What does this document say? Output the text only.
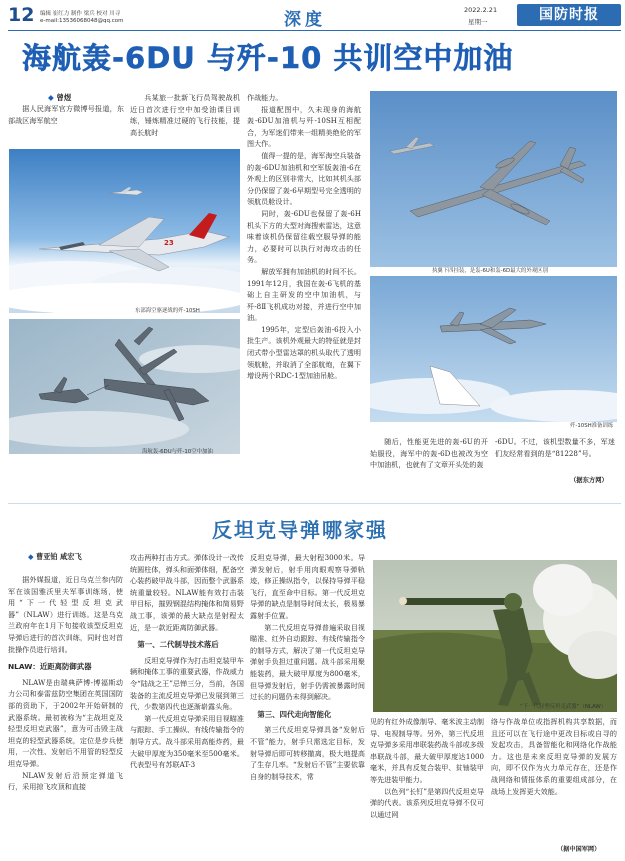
12 编辑 崔红力 制作 梁兵 校对 川寻
e-mail:13536068048@qq.com	深度	2022.2.21
星期一	国防时报
海航轰-6DU 与歼-10 共训空中加油
◆ 曾煜

据人民海军官方微博号报道，东部战区海军航空

兵某旅一批新飞行员驾驶战机近日首次进行空中加受油课目训练，锤炼精准过硬的飞行技能，提高长航时

23
人民海军
东部海空驱逐战的歼-10SH
海航轰-6DU与歼-10空中加油

作战能力。

报道配图中，久未现身的海航轰-6DU加油机与歼-10SH互相配合，为军迷们带来一组精美绝伦的军图大作。

值得一提的是，海军海空兵装备的轰-6DU加油机和空军版轰油-6在外观上的区别非常大，比如其机头部分仍保留了轰-6早期型号完全透明的领航员舱设计。

同时，轰-6DU也保留了轰-6H机头下方的大型对海搜索雷达，这意味着该机仍保留往载空服导弹的能力，必要时可以执行对海攻击的任务。

解放军拥有加油机的时间不长。1991年12月，我国在轰-6飞机的基础上自主研发的空中加油机，与歼-8Ⅱ飞机成功对接，并进行空中加油。

1995年，定型后轰油-6投入小批生产。该机外观最大的特征就是封闭式带小型雷达罩的机头取代了透明领航舱，并取消了全部航炮，在翼下增设两个RDC-1型加油吊舱。

执翼下四挂装，是轰-6U和轰-6D最大的外观区别
歼-10SH准备训练

随后，性能更先进的轰-6U的开始服役，海军中的轰-6D也被改为空中加油机，也就有了文章开头处的轰

-6DU。不过，该机型数量不多，军迷们友经常看到的是“81228”号。

（据东方网）
反坦克导弹哪家强
◆ 曹亚铂 咸宏飞

据外媒报道，近日乌克兰参内防军在该国雅沃里夫军事训练场，使用“下一代轻型反坦克武器”（NLAW）进行训练。这是乌克兰政府年在1月下旬接收该型反坦克导弹后进行的首次训练，同时也对首批操作员进行培训。

NLAW：近距离防御武器

NLAW是由瑞典萨博-博福斯动力公司和泰雷兹防空集团在英国国防部的资助下，于2002年开始研制的武器系统。最初被称为“主战坦克及轻型反坦克武器”，意为可击毁主战坦克的轻型武器系统，定位是步兵使用，一次性、发射后不用管的轻型反坦克导弹。

NLAW发射后沿预定弹道飞行，采用掠飞攻顶和直接

攻击两种打击方式。弹体设计一改传统圆柱体，弹头和面弹体细，配备空心装药破甲战斗部，因而整个武器系统重量较轻。NLAW能有效打击装甲目标，摧毁钢混结构掩体和简易野战工事，该弹的最大缺点是射程太近，是一款近距离防御武器。

第一、二代制导技术落后

反坦克导弹作为打击坦克装甲车辆和掩体工事的重要武器，作战威力令“陆战之王”忌惮三分，当前，各国装备的主流反坦克导弹已发展到第三代，少数第四代也逐渐崭露头角。

第一代反坦克导弹采用目视瞄准与跟踪、手工操纵、有线传输指令的制导方式。战斗部采用高能炸药，最大破甲厚度为350毫米至500毫米。代表型号有苏联AT-3

反坦克导弹，最大射程3000米。导弹发射后，射手用肉眼观察导弹轨迹，修正操纵指令，以保持导弹平稳飞行，直至命中目标。第一代反坦克导弹的缺点是制导时间太长，极易暴露射手位置。

第二代反坦克导弹普遍采取目视瞄准、红外自动跟踪、有线传输指令的制导方式，解决了第一代反坦克导弹射手负担过重问题。战斗部采用聚能装药，最大破甲厚度为800毫米，但导弹发射后，射手仍需被暴露时间过长的问题仍未得到解决。

第三、四代走向智能化

第三代反坦克导弹具备“发射后不管”能力，射手只需选定目标，发射导弹后即可转移撤离，极大地提高了生存几率。“发射后不管”主要依靠自身的制导技术，常

“下一代轻型反坦克武器”（NLAW）

见的有红外成像制导、毫米波主动制导、电视制导等。另外，第三代反坦克导弹多采用串联装药战斗部或多级串联战斗部，最大破甲厚度达1000毫米，并具有反复合装甲、贫铀装甲等先进装甲能力。

以色列“长钉”是第四代反坦克导弹的代表。该系列反坦克导弹不仅可以通过网

络与作战单位或指挥机构共享数据，而且还可以在飞行途中更改目标或自寻的发起攻击，具备智能化和网络化作战能力。这也是未来反坦克导弹的发展方向，即不仅作为火力单元存在，还是作战网络和情报体系的重要组成部分，在战场上发挥更大效能。

（据中国军网）
